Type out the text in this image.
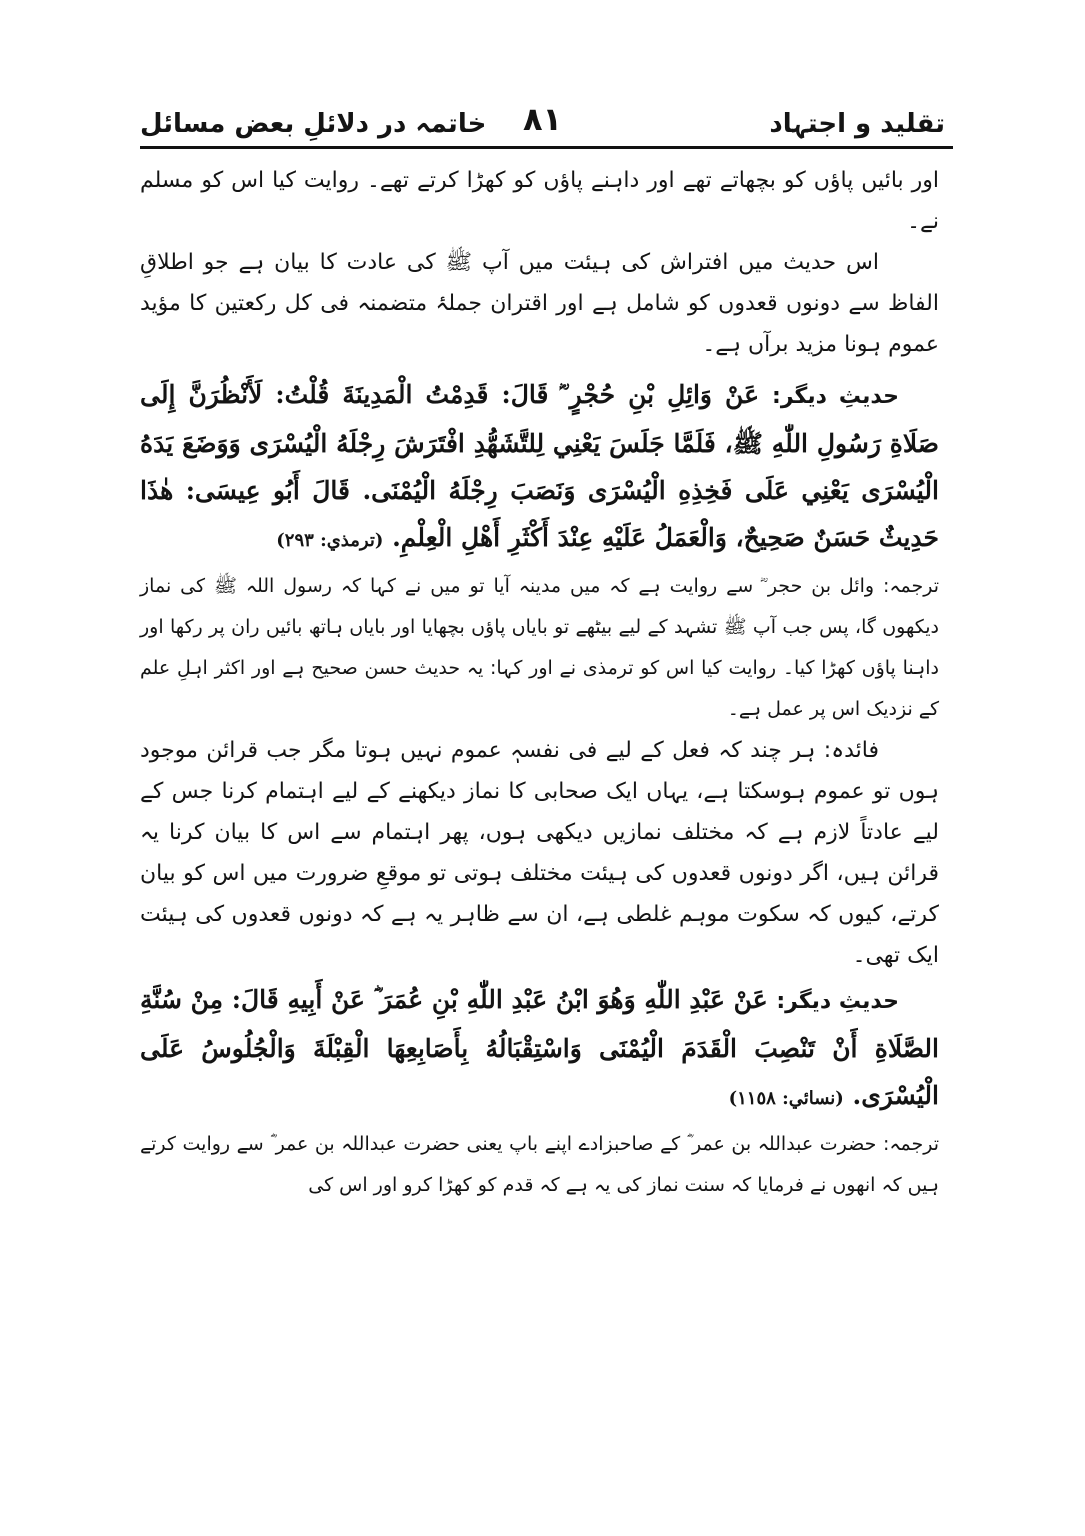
خاتمہ در دلائلِ بعض مسائل ۸۱	تقلید و اجتہاد

اور بائیں پاؤں کو بچھاتے تھے اور داہنے پاؤں کو کھڑا کرتے تھے۔ روایت کیا اس کو مسلم نے۔

اس حدیث میں افتراش کی ہیئت میں آپ ﷺ کی عادت کا بیان ہے جو اطلاقِ الفاظ سے دونوں قعدوں کو شامل ہے اور اقتران جملۂ متضمنہ فی کل رکعتین کا مؤید عموم ہونا مزید برآں ہے۔

حدیثِ دیگر: عَنْ وَائِلِ بْنِ حُجْرٍ ؓ قَالَ: قَدِمْتُ الْمَدِينَةَ قُلْتُ: لَأَنْظُرَنَّ إِلَى صَلَاةِ رَسُولِ اللّٰهِ ﷺ، فَلَمَّا جَلَسَ يَعْنِي لِلتَّشَهُّدِ افْتَرَشَ رِجْلَهُ الْيُسْرَى وَوَضَعَ يَدَهُ الْيُسْرَى يَعْنِي عَلَى فَخِذِهِ الْيُسْرَى وَنَصَبَ رِجْلَهُ الْيُمْنَى. قَالَ أَبُو عِيسَى: هٰذَا حَدِيثٌ حَسَنٌ صَحِيحٌ، وَالْعَمَلُ عَلَيْهِ عِنْدَ أَكْثَرِ أَهْلِ الْعِلْمِ. (ترمذي: ٢٩٣)

ترجمہ: وائل بن حجر ؓ سے روایت ہے کہ میں مدینہ آیا تو میں نے کہا کہ رسول اللہ ﷺ کی نماز دیکھوں گا، پس جب آپ ﷺ تشہد کے لیے بیٹھے تو بایاں پاؤں بچھایا اور بایاں ہاتھ بائیں ران پر رکھا اور داہنا پاؤں کھڑا کیا۔ روایت کیا اس کو ترمذی نے اور کہا: یہ حدیث حسن صحیح ہے اور اکثر اہلِ علم کے نزدیک اس پر عمل ہے۔

فائدہ: ہر چند کہ فعل کے لیے فی نفسہٖ عموم نہیں ہوتا مگر جب قرائن موجود ہوں تو عموم ہوسکتا ہے، یہاں ایک صحابی کا نماز دیکھنے کے لیے اہتمام کرنا جس کے لیے عادتاً لازم ہے کہ مختلف نمازیں دیکھی ہوں، پھر اہتمام سے اس کا بیان کرنا یہ قرائن ہیں، اگر دونوں قعدوں کی ہیئت مختلف ہوتی تو موقعِ ضرورت میں اس کو بیان کرتے، کیوں کہ سکوت موہم غلطی ہے، ان سے ظاہر یہ ہے کہ دونوں قعدوں کی ہیئت ایک تھی۔

حدیثِ دیگر: عَنْ عَبْدِ اللّٰهِ وَهُوَ ابْنُ عَبْدِ اللّٰهِ بْنِ عُمَرَ ؓ عَنْ أَبِيهِ قَالَ: مِنْ سُنَّةِ الصَّلَاةِ أَنْ تَنْصِبَ الْقَدَمَ الْيُمْنَى وَاسْتِقْبَالُهُ بِأَصَابِعِهَا الْقِبْلَةَ وَالْجُلُوسُ عَلَى الْيُسْرَى. (نسائي: ١١٥٨)

ترجمہ: حضرت عبداللہ بن عمر ؓ کے صاحبزادے اپنے باپ یعنی حضرت عبداللہ بن عمر ؓ سے روایت کرتے ہیں کہ انھوں نے فرمایا کہ سنت نماز کی یہ ہے کہ قدم کو کھڑا کرو اور اس کی
